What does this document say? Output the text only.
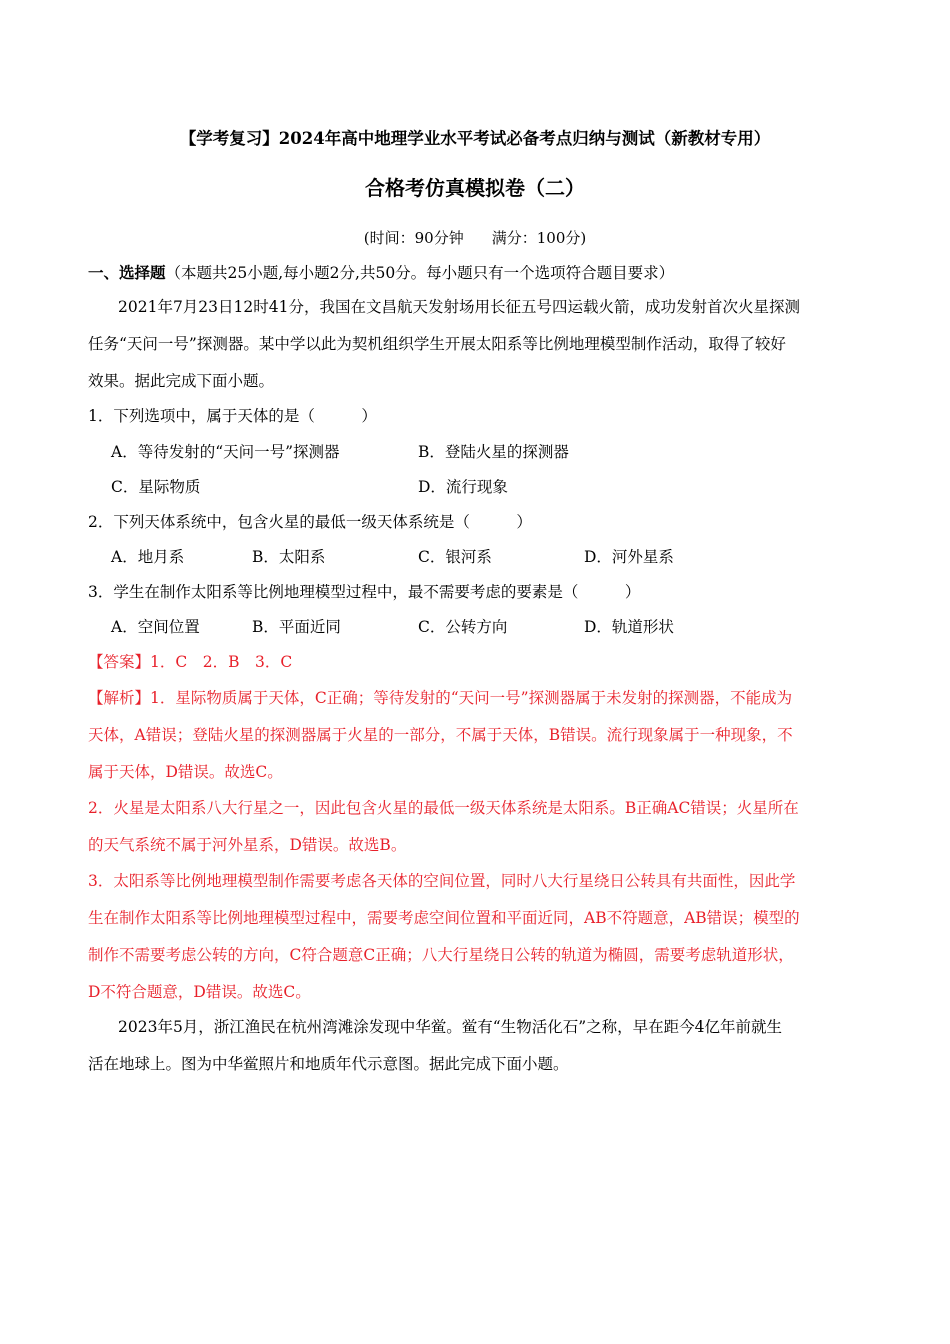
【学考复习】2024年高中地理学业水平考试必备考点归纳与测试（新教材专用）
合格考仿真模拟卷（二）
(时间：90分钟 满分：100分)
一、选择题（本题共25小题,每小题2分,共50分。每小题只有一个选项符合题目要求）
2021年7月23日12时41分，我国在文昌航天发射场用长征五号四运载火箭，成功发射首次火星探测
任务“天问一号”探测器。某中学以此为契机组织学生开展太阳系等比例地理模型制作活动，取得了较好
效果。据此完成下面小题。
1．下列选项中，属于天体的是（　　　）
A．等待发射的“天问一号”探测器	B．登陆火星的探测器
C．星际物质	D．流行现象
2．下列天体系统中，包含火星的最低一级天体系统是（　　　）
A．地月系	B．太阳系	C．银河系	D．河外星系
3．学生在制作太阳系等比例地理模型过程中，最不需要考虑的要素是（　　　）
A．空间位置	B．平面近同	C．公转方向	D．轨道形状
【答案】1．C　2．B　3．C
【解析】1．星际物质属于天体，C正确；等待发射的“天问一号”探测器属于未发射的探测器，不能成为
天体，A错误；登陆火星的探测器属于火星的一部分，不属于天体，B错误。流行现象属于一种现象，不
属于天体，D错误。故选C。
2．火星是太阳系八大行星之一，因此包含火星的最低一级天体系统是太阳系。B正确AC错误；火星所在
的天气系统不属于河外星系，D错误。故选B。
3．太阳系等比例地理模型制作需要考虑各天体的空间位置，同时八大行星绕日公转具有共面性，因此学
生在制作太阳系等比例地理模型过程中，需要考虑空间位置和平面近同，AB不符题意，AB错误；模型的
制作不需要考虑公转的方向，C符合题意C正确；八大行星绕日公转的轨道为椭圆，需要考虑轨道形状，
D不符合题意，D错误。故选C。
2023年5月，浙江渔民在杭州湾滩涂发现中华鲎。鲎有“生物活化石”之称，早在距今4亿年前就生
活在地球上。图为中华鲎照片和地质年代示意图。据此完成下面小题。
